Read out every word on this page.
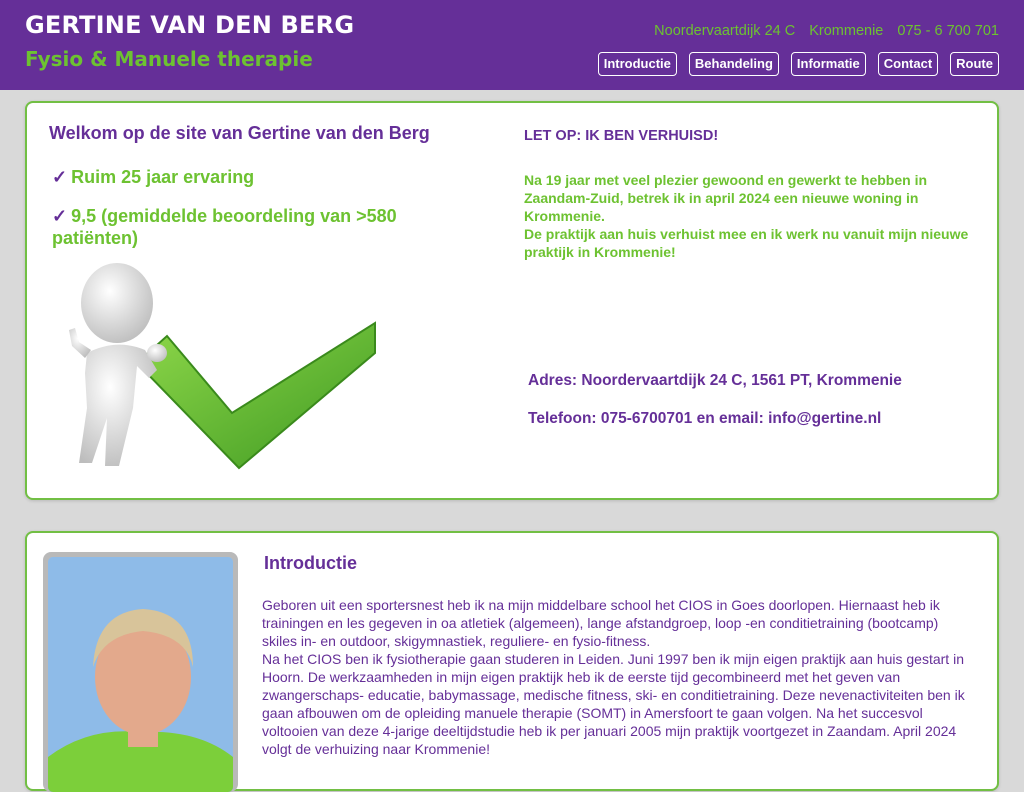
GERTINE VAN DEN BERG
Fysio & Manuele therapie
Noordervaartdijk 24 C Krommenie 075 - 6 700 701
Introductie	Behandeling	Informatie	Contact	Route
Welkom op de site van Gertine van den Berg
✓ Ruim 25 jaar ervaring
✓ 9,5 (gemiddelde beoordeling van >580 patiënten)
LET OP: IK BEN VERHUISD!

Na 19 jaar met veel plezier gewoond en gewerkt te hebben in Zaandam-Zuid, betrek ik in april 2024 een nieuwe woning in Krommenie.

De praktijk aan huis verhuist mee en ik werk nu vanuit mijn nieuwe praktijk in Krommenie!

Adres: Noordervaartdijk 24 C, 1561 PT, Krommenie
Telefoon: 075-6700701 en email: info@gertine.nl
Introductie

Geboren uit een sportersnest heb ik na mijn middelbare school het CIOS in Goes doorlopen. Hiernaast heb ik trainingen en les gegeven in oa atletiek (algemeen), lange afstandgroep, loop -en conditietraining (bootcamp) skiles in- en outdoor, skigymnastiek, reguliere- en fysio-fitness.

Na het CIOS ben ik fysiotherapie gaan studeren in Leiden. Juni 1997 ben ik mijn eigen praktijk aan huis gestart in Hoorn. De werkzaamheden in mijn eigen praktijk heb ik de eerste tijd gecombineerd met het geven van zwangerschaps- educatie, babymassage, medische fitness, ski- en conditietraining. Deze nevenactiviteiten ben ik gaan afbouwen om de opleiding manuele therapie (SOMT) in Amersfoort te gaan volgen. Na het succesvol voltooien van deze 4-jarige deeltijdstudie heb ik per januari 2005 mijn praktijk voortgezet in Zaandam. April 2024 volgt de verhuizing naar Krommenie!
